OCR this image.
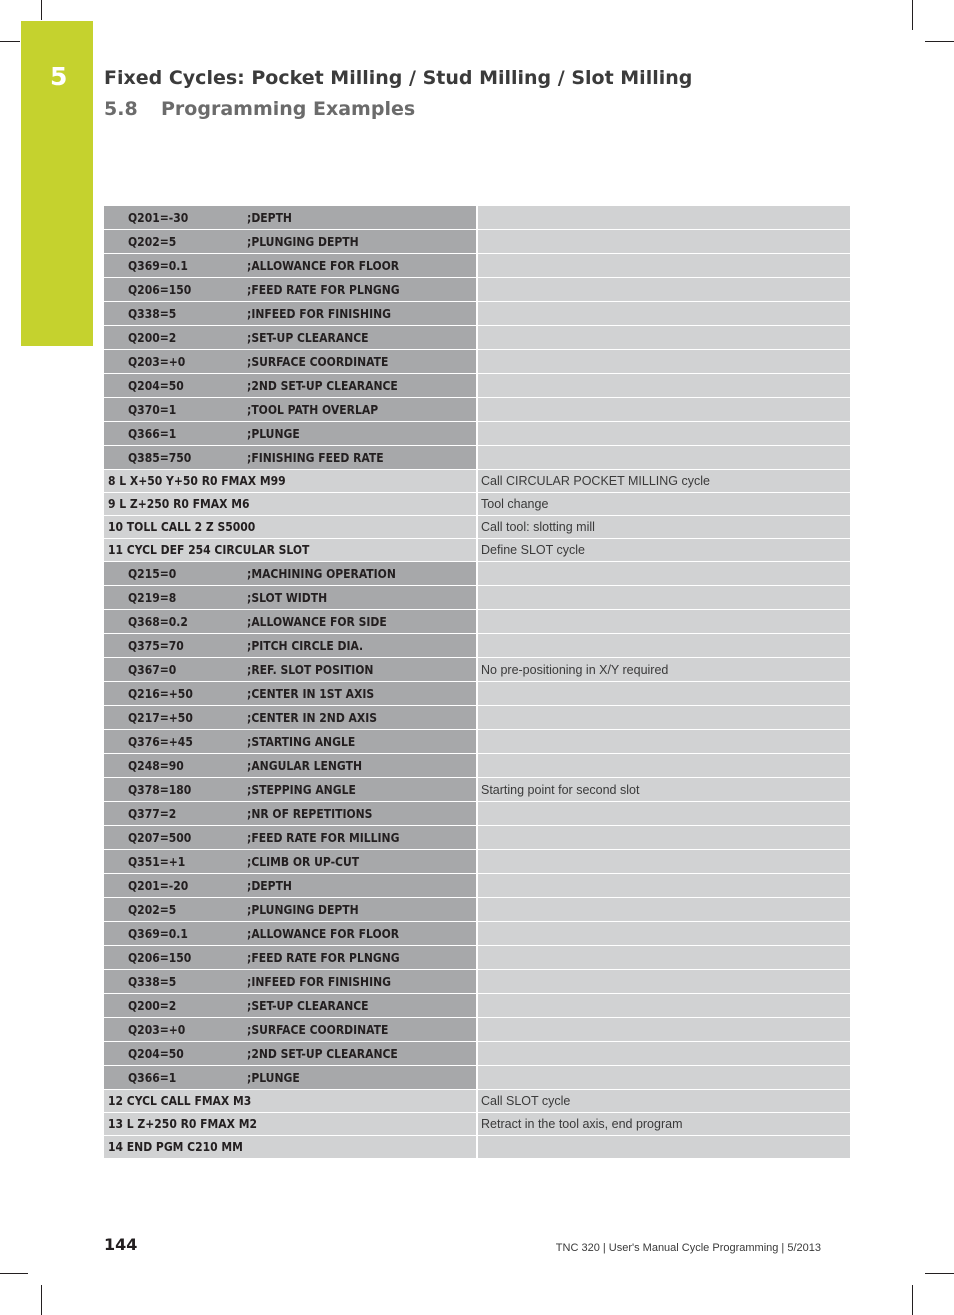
5	Fixed Cycles: Pocket Milling / Stud Milling / Slot Milling
5.8 Programming Examples
Q201=-30 ;DEPTH	
Q202=5 ;PLUNGING DEPTH	
Q369=0.1 ;ALLOWANCE FOR FLOOR	
Q206=150 ;FEED RATE FOR PLNGNG	
Q338=5 ;INFEED FOR FINISHING	
Q200=2 ;SET-UP CLEARANCE	
Q203=+0 ;SURFACE COORDINATE	
Q204=50 ;2ND SET-UP CLEARANCE	
Q370=1 ;TOOL PATH OVERLAP	
Q366=1 ;PLUNGE	
Q385=750 ;FINISHING FEED RATE	
8 L X+50 Y+50 R0 FMAX M99	Call CIRCULAR POCKET MILLING cycle
9 L Z+250 R0 FMAX M6	Tool change
10 TOLL CALL 2 Z S5000	Call tool: slotting mill
11 CYCL DEF 254 CIRCULAR SLOT	Define SLOT cycle
Q215=0 ;MACHINING OPERATION	
Q219=8 ;SLOT WIDTH	
Q368=0.2 ;ALLOWANCE FOR SIDE	
Q375=70 ;PITCH CIRCLE DIA.	
Q367=0 ;REF. SLOT POSITION	No pre-positioning in X/Y required
Q216=+50 ;CENTER IN 1ST AXIS	
Q217=+50 ;CENTER IN 2ND AXIS	
Q376=+45 ;STARTING ANGLE	
Q248=90 ;ANGULAR LENGTH	
Q378=180 ;STEPPING ANGLE	Starting point for second slot
Q377=2 ;NR OF REPETITIONS	
Q207=500 ;FEED RATE FOR MILLING	
Q351=+1 ;CLIMB OR UP-CUT	
Q201=-20 ;DEPTH	
Q202=5 ;PLUNGING DEPTH	
Q369=0.1 ;ALLOWANCE FOR FLOOR	
Q206=150 ;FEED RATE FOR PLNGNG	
Q338=5 ;INFEED FOR FINISHING	
Q200=2 ;SET-UP CLEARANCE	
Q203=+0 ;SURFACE COORDINATE	
Q204=50 ;2ND SET-UP CLEARANCE	
Q366=1 ;PLUNGE	
12 CYCL CALL FMAX M3	Call SLOT cycle
13 L Z+250 R0 FMAX M2	Retract in the tool axis, end program
14 END PGM C210 MM	
144	TNC 320 | User's Manual Cycle Programming | 5/2013
